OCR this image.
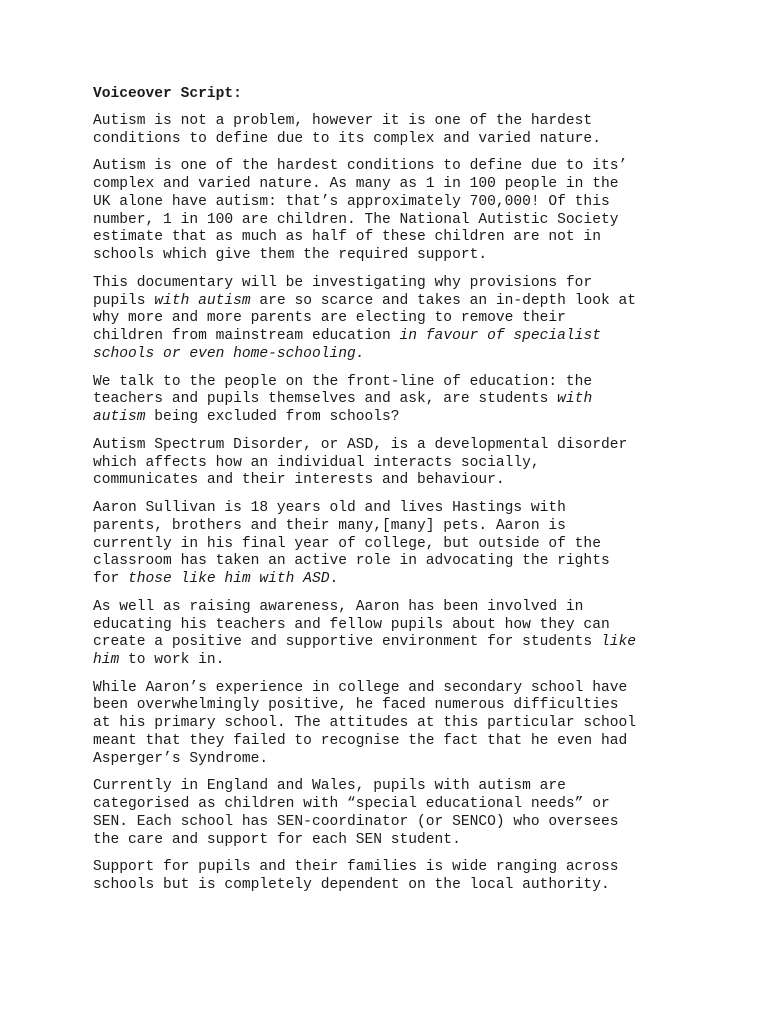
Voiceover Script:
Autism is not a problem, however it is one of the hardest
conditions to define due to its complex and varied nature.
Autism is one of the hardest conditions to define due to its’
complex and varied nature. As many as 1 in 100 people in the
UK alone have autism: that’s approximately 700,000! Of this
number, 1 in 100 are children. The National Autistic Society
estimate that as much as half of these children are not in
schools which give them the required support.
This documentary will be investigating why provisions for
pupils with autism are so scarce and takes an in-depth look at
why more and more parents are electing to remove their
children from mainstream education in favour of specialist
schools or even home-schooling.
We talk to the people on the front-line of education: the
teachers and pupils themselves and ask, are students with
autism being excluded from schools?
Autism Spectrum Disorder, or ASD, is a developmental disorder
which affects how an individual interacts socially,
communicates and their interests and behaviour.
Aaron Sullivan is 18 years old and lives Hastings with
parents, brothers and their many,[many] pets. Aaron is
currently in his final year of college, but outside of the
classroom has taken an active role in advocating the rights
for those like him with ASD.
As well as raising awareness, Aaron has been involved in
educating his teachers and fellow pupils about how they can
create a positive and supportive environment for students like
him to work in.
While Aaron’s experience in college and secondary school have
been overwhelmingly positive, he faced numerous difficulties
at his primary school. The attitudes at this particular school
meant that they failed to recognise the fact that he even had
Asperger’s Syndrome.
Currently in England and Wales, pupils with autism are
categorised as children with “special educational needs” or
SEN. Each school has SEN-coordinator (or SENCO) who oversees
the care and support for each SEN student.
Support for pupils and their families is wide ranging across
schools but is completely dependent on the local authority.
